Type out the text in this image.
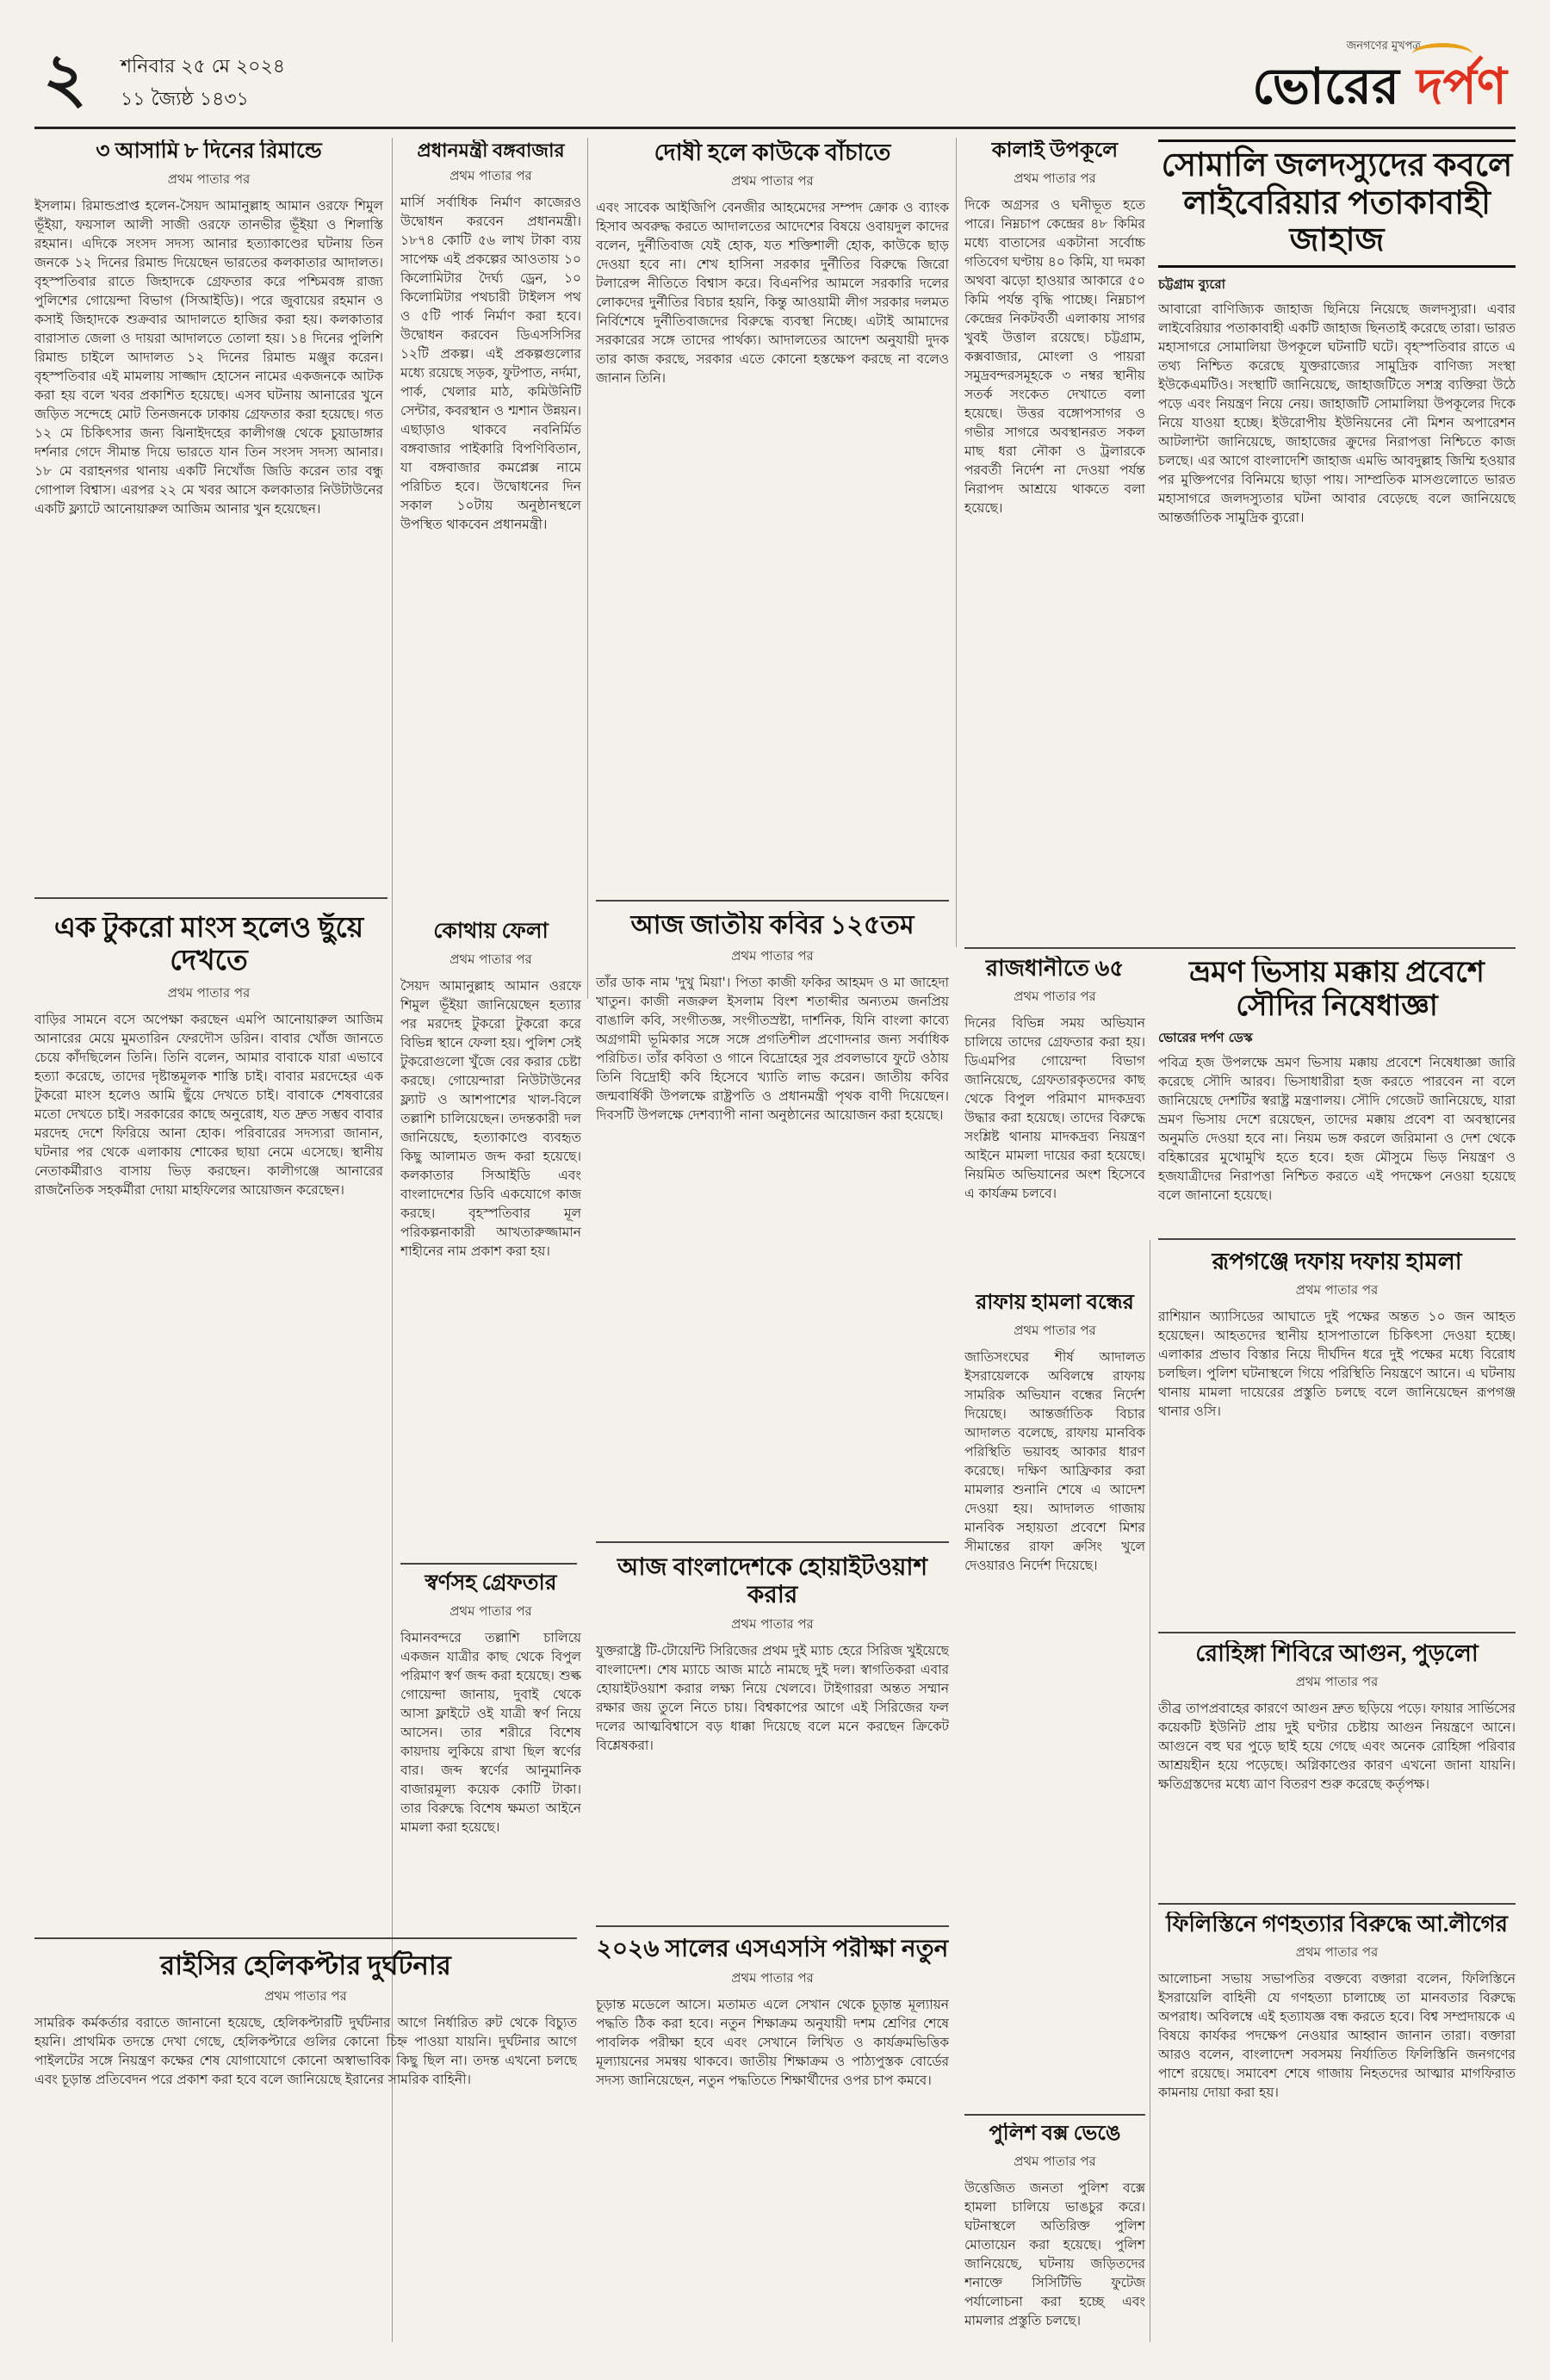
২ শনিবার ২৫ মে ২০২৪
১১ জ্যৈষ্ঠ ১৪৩১
জনগণের মুখপত্র
ভোরের দর্পণ
৩ আসামি ৮ দিনের রিমান্ডে
প্রথম পাতার পর

ইসলাম। রিমান্ডপ্রাপ্ত হলেন-সৈয়দ আমানুল্লাহ আমান ওরফে শিমুল ভূঁইয়া, ফয়সাল আলী সাজী ওরফে তানভীর ভূঁইয়া ও শিলাস্তি রহমান। এদিকে সংসদ সদস্য আনার হত্যাকাণ্ডের ঘটনায় তিন জনকে ১২ দিনের রিমান্ড দিয়েছেন ভারতের কলকাতার আদালত। বৃহস্পতিবার রাতে জিহাদকে গ্রেফতার করে পশ্চিমবঙ্গ রাজ্য পুলিশের গোয়েন্দা বিভাগ (সিআইডি)। পরে জুবায়ের রহমান ও কসাই জিহাদকে শুক্রবার আদালতে হাজির করা হয়। কলকাতার বারাসাত জেলা ও দায়রা আদালতে তোলা হয়। ১৪ দিনের পুলিশি রিমান্ড চাইলে আদালত ১২ দিনের রিমান্ড মঞ্জুর করেন। বৃহস্পতিবার এই মামলায় সাজ্জাদ হোসেন নামের একজনকে আটক করা হয় বলে খবর প্রকাশিত হয়েছে। এসব ঘটনায় আনারের খুনে জড়িত সন্দেহে মোট তিনজনকে ঢাকায় গ্রেফতার করা হয়েছে। গত ১২ মে চিকিৎসার জন্য ঝিনাইদহের কালীগঞ্জ থেকে চুয়াডাঙ্গার দর্শনার গেদে সীমান্ত দিয়ে ভারতে যান তিন সংসদ সদস্য আনার। ১৮ মে বরাহনগর থানায় একটি নিখোঁজ জিডি করেন তার বন্ধু গোপাল বিশ্বাস। এরপর ২২ মে খবর আসে কলকাতার নিউটাউনের একটি ফ্ল্যাটে আনোয়ারুল আজিম আনার খুন হয়েছেন।

এক টুকরো মাংস হলেও ছুঁয়ে দেখতে
প্রথম পাতার পর

বাড়ির সামনে বসে অপেক্ষা করছেন এমপি আনোয়ারুল আজিম আনারের মেয়ে মুমতারিন ফেরদৌস ডরিন। বাবার খোঁজ জানতে চেয়ে কাঁদছিলেন তিনি। তিনি বলেন, আমার বাবাকে যারা এভাবে হত্যা করেছে, তাদের দৃষ্টান্তমূলক শাস্তি চাই। বাবার মরদেহের এক টুকরো মাংস হলেও আমি ছুঁয়ে দেখতে চাই। বাবাকে শেষবারের মতো দেখতে চাই। সরকারের কাছে অনুরোধ, যত দ্রুত সম্ভব বাবার মরদেহ দেশে ফিরিয়ে আনা হোক। পরিবারের সদস্যরা জানান, ঘটনার পর থেকে এলাকায় শোকের ছায়া নেমে এসেছে। স্থানীয় নেতাকর্মীরাও বাসায় ভিড় করছেন। কালীগঞ্জে আনারের রাজনৈতিক সহকর্মীরা দোয়া মাহফিলের আয়োজন করেছেন।

রাইসির হেলিকপ্টার দুর্ঘটনার
প্রথম পাতার পর

সামরিক কর্মকর্তার বরাতে জানানো হয়েছে, হেলিকপ্টারটি দুর্ঘটনার আগে নির্ধারিত রুট থেকে বিচ্যুত হয়নি। প্রাথমিক তদন্তে দেখা গেছে, হেলিকপ্টারে গুলির কোনো চিহ্ন পাওয়া যায়নি। দুর্ঘটনার আগে পাইলটের সঙ্গে নিয়ন্ত্রণ কক্ষের শেষ যোগাযোগে কোনো অস্বাভাবিক কিছু ছিল না। তদন্ত এখনো চলছে এবং চূড়ান্ত প্রতিবেদন পরে প্রকাশ করা হবে বলে জানিয়েছে ইরানের সামরিক বাহিনী।

প্রধানমন্ত্রী বঙ্গবাজার
প্রথম পাতার পর

মার্সি সর্বাধিক নির্মাণ কাজেরও উদ্বোধন করবেন প্রধানমন্ত্রী। ১৮৭৪ কোটি ৫৬ লাখ টাকা ব্যয় সাপেক্ষ এই প্রকল্পের আওতায় ১০ কিলোমিটার দৈর্ঘ্য ড্রেন, ১০ কিলোমিটার পথচারী টাইলস পথ ও ৫টি পার্ক নির্মাণ করা হবে। উদ্বোধন করবেন ডিএসসিসির ১২টি প্রকল্প। এই প্রকল্পগুলোর মধ্যে রয়েছে সড়ক, ফুটপাত, নর্দমা, পার্ক, খেলার মাঠ, কমিউনিটি সেন্টার, কবরস্থান ও শ্মশান উন্নয়ন। এছাড়াও থাকবে নবনির্মিত বঙ্গবাজার পাইকারি বিপণিবিতান, যা বঙ্গবাজার কমপ্লেক্স নামে পরিচিত হবে। উদ্বোধনের দিন সকাল ১০টায় অনুষ্ঠানস্থলে উপস্থিত থাকবেন প্রধানমন্ত্রী।

কোথায় ফেলা
প্রথম পাতার পর

সৈয়দ আমানুল্লাহ আমান ওরফে শিমুল ভূঁইয়া জানিয়েছেন হত্যার পর মরদেহ টুকরো টুকরো করে বিভিন্ন স্থানে ফেলা হয়। পুলিশ সেই টুকরোগুলো খুঁজে বের করার চেষ্টা করছে। গোয়েন্দারা নিউটাউনের ফ্ল্যাট ও আশপাশের খাল-বিলে তল্লাশি চালিয়েছেন। তদন্তকারী দল জানিয়েছে, হত্যাকাণ্ডে ব্যবহৃত কিছু আলামত জব্দ করা হয়েছে। কলকাতার সিআইডি এবং বাংলাদেশের ডিবি একযোগে কাজ করছে। বৃহস্পতিবার মূল পরিকল্পনাকারী আখতারুজ্জামান শাহীনের নাম প্রকাশ করা হয়।

স্বর্ণসহ গ্রেফতার
প্রথম পাতার পর

বিমানবন্দরে তল্লাশি চালিয়ে একজন যাত্রীর কাছ থেকে বিপুল পরিমাণ স্বর্ণ জব্দ করা হয়েছে। শুল্ক গোয়েন্দা জানায়, দুবাই থেকে আসা ফ্লাইটে ওই যাত্রী স্বর্ণ নিয়ে আসেন। তার শরীরে বিশেষ কায়দায় লুকিয়ে রাখা ছিল স্বর্ণের বার। জব্দ স্বর্ণের আনুমানিক বাজারমূল্য কয়েক কোটি টাকা। তার বিরুদ্ধে বিশেষ ক্ষমতা আইনে মামলা করা হয়েছে।

দোষী হলে কাউকে বাঁচাতে
প্রথম পাতার পর

এবং সাবেক আইজিপি বেনজীর আহমেদের সম্পদ ক্রোক ও ব্যাংক হিসাব অবরুদ্ধ করতে আদালতের আদেশের বিষয়ে ওবায়দুল কাদের বলেন, দুর্নীতিবাজ যেই হোক, যত শক্তিশালী হোক, কাউকে ছাড় দেওয়া হবে না। শেখ হাসিনা সরকার দুর্নীতির বিরুদ্ধে জিরো টলারেন্স নীতিতে বিশ্বাস করে। বিএনপির আমলে সরকারি দলের লোকদের দুর্নীতির বিচার হয়নি, কিন্তু আওয়ামী লীগ সরকার দলমত নির্বিশেষে দুর্নীতিবাজদের বিরুদ্ধে ব্যবস্থা নিচ্ছে। এটাই আমাদের সরকারের সঙ্গে তাদের পার্থক্য। আদালতের আদেশ অনুযায়ী দুদক তার কাজ করছে, সরকার এতে কোনো হস্তক্ষেপ করছে না বলেও জানান তিনি।

আজ জাতীয় কবির ১২৫তম
প্রথম পাতার পর

তাঁর ডাক নাম 'দুখু মিয়া'। পিতা কাজী ফকির আহমদ ও মা জাহেদা খাতুন। কাজী নজরুল ইসলাম বিংশ শতাব্দীর অন্যতম জনপ্রিয় বাঙালি কবি, সংগীতজ্ঞ, সংগীতস্রষ্টা, দার্শনিক, যিনি বাংলা কাব্যে অগ্রগামী ভূমিকার সঙ্গে সঙ্গে প্রগতিশীল প্রণোদনার জন্য সর্বাধিক পরিচিত। তাঁর কবিতা ও গানে বিদ্রোহের সুর প্রবলভাবে ফুটে ওঠায় তিনি বিদ্রোহী কবি হিসেবে খ্যাতি লাভ করেন। জাতীয় কবির জন্মবার্ষিকী উপলক্ষে রাষ্ট্রপতি ও প্রধানমন্ত্রী পৃথক বাণী দিয়েছেন। দিবসটি উপলক্ষে দেশব্যাপী নানা অনুষ্ঠানের আয়োজন করা হয়েছে।

আজ বাংলাদেশকে হোয়াইটওয়াশ করার
প্রথম পাতার পর

যুক্তরাষ্ট্রে টি-টোয়েন্টি সিরিজের প্রথম দুই ম্যাচ হেরে সিরিজ খুইয়েছে বাংলাদেশ। শেষ ম্যাচে আজ মাঠে নামছে দুই দল। স্বাগতিকরা এবার হোয়াইটওয়াশ করার লক্ষ্য নিয়ে খেলবে। টাইগাররা অন্তত সম্মান রক্ষার জয় তুলে নিতে চায়। বিশ্বকাপের আগে এই সিরিজের ফল দলের আত্মবিশ্বাসে বড় ধাক্কা দিয়েছে বলে মনে করছেন ক্রিকেট বিশ্লেষকরা।

২০২৬ সালের এসএসসি পরীক্ষা নতুন
প্রথম পাতার পর

চূড়ান্ত মডেলে আসে। মতামত এলে সেখান থেকে চূড়ান্ত মূল্যায়ন পদ্ধতি ঠিক করা হবে। নতুন শিক্ষাক্রম অনুযায়ী দশম শ্রেণির শেষে পাবলিক পরীক্ষা হবে এবং সেখানে লিখিত ও কার্যক্রমভিত্তিক মূল্যায়নের সমন্বয় থাকবে। জাতীয় শিক্ষাক্রম ও পাঠ্যপুস্তক বোর্ডের সদস্য জানিয়েছেন, নতুন পদ্ধতিতে শিক্ষার্থীদের ওপর চাপ কমবে।

কালাই উপকূলে
প্রথম পাতার পর

দিকে অগ্রসর ও ঘনীভূত হতে পারে। নিম্নচাপ কেন্দ্রের ৪৮ কিমির মধ্যে বাতাসের একটানা সর্বোচ্চ গতিবেগ ঘণ্টায় ৪০ কিমি, যা দমকা অথবা ঝড়ো হাওয়ার আকারে ৫০ কিমি পর্যন্ত বৃদ্ধি পাচ্ছে। নিম্নচাপ কেন্দ্রের নিকটবর্তী এলাকায় সাগর খুবই উত্তাল রয়েছে। চট্টগ্রাম, কক্সবাজার, মোংলা ও পায়রা সমুদ্রবন্দরসমূহকে ৩ নম্বর স্থানীয় সতর্ক সংকেত দেখাতে বলা হয়েছে। উত্তর বঙ্গোপসাগর ও গভীর সাগরে অবস্থানরত সকল মাছ ধরা নৌকা ও ট্রলারকে পরবর্তী নির্দেশ না দেওয়া পর্যন্ত নিরাপদ আশ্রয়ে থাকতে বলা হয়েছে।

সোমালি জলদস্যুদের কবলে লাইবেরিয়ার পতাকাবাহী জাহাজ
চট্টগ্রাম ব্যুরো

আবারো বাণিজ্যিক জাহাজ ছিনিয়ে নিয়েছে জলদস্যুরা। এবার লাইবেরিয়ার পতাকাবাহী একটি জাহাজ ছিনতাই করেছে তারা। ভারত মহাসাগরে সোমালিয়া উপকূলে ঘটনাটি ঘটে। বৃহস্পতিবার রাতে এ তথ্য নিশ্চিত করেছে যুক্তরাজ্যের সামুদ্রিক বাণিজ্য সংস্থা ইউকেএমটিও। সংস্থাটি জানিয়েছে, জাহাজটিতে সশস্ত্র ব্যক্তিরা উঠে পড়ে এবং নিয়ন্ত্রণ নিয়ে নেয়। জাহাজটি সোমালিয়া উপকূলের দিকে নিয়ে যাওয়া হচ্ছে। ইউরোপীয় ইউনিয়নের নৌ মিশন অপারেশন আটলান্টা জানিয়েছে, জাহাজের ক্রুদের নিরাপত্তা নিশ্চিতে কাজ চলছে। এর আগে বাংলাদেশি জাহাজ এমভি আবদুল্লাহ জিম্মি হওয়ার পর মুক্তিপণের বিনিময়ে ছাড়া পায়। সাম্প্রতিক মাসগুলোতে ভারত মহাসাগরে জলদস্যুতার ঘটনা আবার বেড়েছে বলে জানিয়েছে আন্তর্জাতিক সামুদ্রিক ব্যুরো।

রাজধানীতে ৬৫
প্রথম পাতার পর

দিনের বিভিন্ন সময় অভিযান চালিয়ে তাদের গ্রেফতার করা হয়। ডিএমপির গোয়েন্দা বিভাগ জানিয়েছে, গ্রেফতারকৃতদের কাছ থেকে বিপুল পরিমাণ মাদকদ্রব্য উদ্ধার করা হয়েছে। তাদের বিরুদ্ধে সংশ্লিষ্ট থানায় মাদকদ্রব্য নিয়ন্ত্রণ আইনে মামলা দায়ের করা হয়েছে। নিয়মিত অভিযানের অংশ হিসেবে এ কার্যক্রম চলবে।

ভ্রমণ ভিসায় মক্কায় প্রবেশে সৌদির নিষেধাজ্ঞা
ভোরের দর্পণ ডেস্ক

পবিত্র হজ উপলক্ষে ভ্রমণ ভিসায় মক্কায় প্রবেশে নিষেধাজ্ঞা জারি করেছে সৌদি আরব। ভিসাধারীরা হজ করতে পারবেন না বলে জানিয়েছে দেশটির স্বরাষ্ট্র মন্ত্রণালয়। সৌদি গেজেট জানিয়েছে, যারা ভ্রমণ ভিসায় দেশে রয়েছেন, তাদের মক্কায় প্রবেশ বা অবস্থানের অনুমতি দেওয়া হবে না। নিয়ম ভঙ্গ করলে জরিমানা ও দেশ থেকে বহিষ্কারের মুখোমুখি হতে হবে। হজ মৌসুমে ভিড় নিয়ন্ত্রণ ও হজযাত্রীদের নিরাপত্তা নিশ্চিত করতে এই পদক্ষেপ নেওয়া হয়েছে বলে জানানো হয়েছে।

রাফায় হামলা বন্ধের
প্রথম পাতার পর

জাতিসংঘের শীর্ষ আদালত ইসরায়েলকে অবিলম্বে রাফায় সামরিক অভিযান বন্ধের নির্দেশ দিয়েছে। আন্তর্জাতিক বিচার আদালত বলেছে, রাফায় মানবিক পরিস্থিতি ভয়াবহ আকার ধারণ করেছে। দক্ষিণ আফ্রিকার করা মামলার শুনানি শেষে এ আদেশ দেওয়া হয়। আদালত গাজায় মানবিক সহায়তা প্রবেশে মিশর সীমান্তের রাফা ক্রসিং খুলে দেওয়ারও নির্দেশ দিয়েছে।

পুলিশ বক্স ভেঙে
প্রথম পাতার পর

উত্তেজিত জনতা পুলিশ বক্সে হামলা চালিয়ে ভাঙচুর করে। ঘটনাস্থলে অতিরিক্ত পুলিশ মোতায়েন করা হয়েছে। পুলিশ জানিয়েছে, ঘটনায় জড়িতদের শনাক্তে সিসিটিভি ফুটেজ পর্যালোচনা করা হচ্ছে এবং মামলার প্রস্তুতি চলছে।

রূপগঞ্জে দফায় দফায় হামলা
প্রথম পাতার পর

রাশিয়ান অ্যাসিডের আঘাতে দুই পক্ষের অন্তত ১০ জন আহত হয়েছেন। আহতদের স্থানীয় হাসপাতালে চিকিৎসা দেওয়া হচ্ছে। এলাকার প্রভাব বিস্তার নিয়ে দীর্ঘদিন ধরে দুই পক্ষের মধ্যে বিরোধ চলছিল। পুলিশ ঘটনাস্থলে গিয়ে পরিস্থিতি নিয়ন্ত্রণে আনে। এ ঘটনায় থানায় মামলা দায়েরের প্রস্তুতি চলছে বলে জানিয়েছেন রূপগঞ্জ থানার ওসি।

রোহিঙ্গা শিবিরে আগুন, পুড়লো
প্রথম পাতার পর

তীব্র তাপপ্রবাহের কারণে আগুন দ্রুত ছড়িয়ে পড়ে। ফায়ার সার্ভিসের কয়েকটি ইউনিট প্রায় দুই ঘণ্টার চেষ্টায় আগুন নিয়ন্ত্রণে আনে। আগুনে বহু ঘর পুড়ে ছাই হয়ে গেছে এবং অনেক রোহিঙ্গা পরিবার আশ্রয়হীন হয়ে পড়েছে। অগ্নিকাণ্ডের কারণ এখনো জানা যায়নি। ক্ষতিগ্রস্তদের মধ্যে ত্রাণ বিতরণ শুরু করেছে কর্তৃপক্ষ।

ফিলিস্তিনে গণহত্যার বিরুদ্ধে আ.লীগের
প্রথম পাতার পর

আলোচনা সভায় সভাপতির বক্তব্যে বক্তারা বলেন, ফিলিস্তিনে ইসরায়েলি বাহিনী যে গণহত্যা চালাচ্ছে তা মানবতার বিরুদ্ধে অপরাধ। অবিলম্বে এই হত্যাযজ্ঞ বন্ধ করতে হবে। বিশ্ব সম্প্রদায়কে এ বিষয়ে কার্যকর পদক্ষেপ নেওয়ার আহ্বান জানান তারা। বক্তারা আরও বলেন, বাংলাদেশ সবসময় নির্যাতিত ফিলিস্তিনি জনগণের পাশে রয়েছে। সমাবেশ শেষে গাজায় নিহতদের আত্মার মাগফিরাত কামনায় দোয়া করা হয়।
